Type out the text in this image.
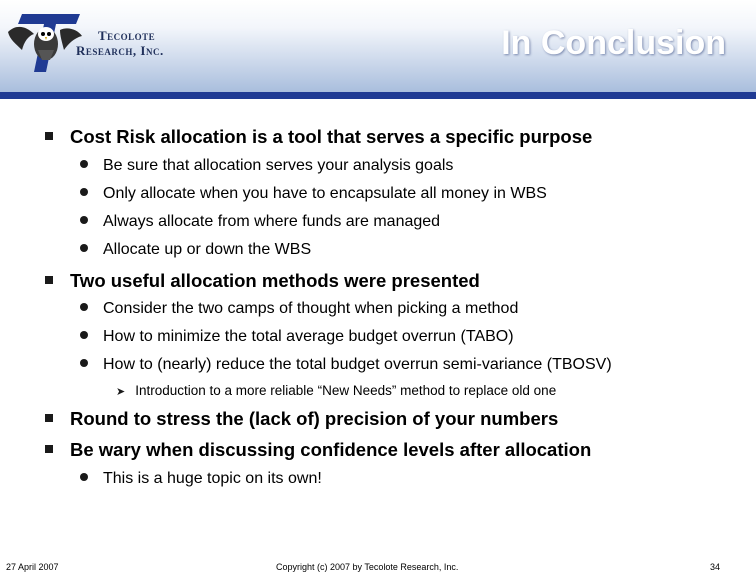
Tecolote
Research, Inc.	In Conclusion
Cost Risk allocation is a tool that serves a specific purpose
Be sure that allocation serves your analysis goals
Only allocate when you have to encapsulate all money in WBS
Always allocate from where funds are managed
Allocate up or down the WBS
Two useful allocation methods were presented
Consider the two camps of thought when picking a method
How to minimize the total average budget overrun (TABO)
How to (nearly) reduce the total budget overrun semi-variance (TBOSV)
➤ Introduction to a more reliable “New Needs” method to replace old one
Round to stress the (lack of) precision of your numbers
Be wary when discussing confidence levels after allocation
This is a huge topic on its own!
27 April 2007	Copyright (c) 2007 by Tecolote Research, Inc.	34
